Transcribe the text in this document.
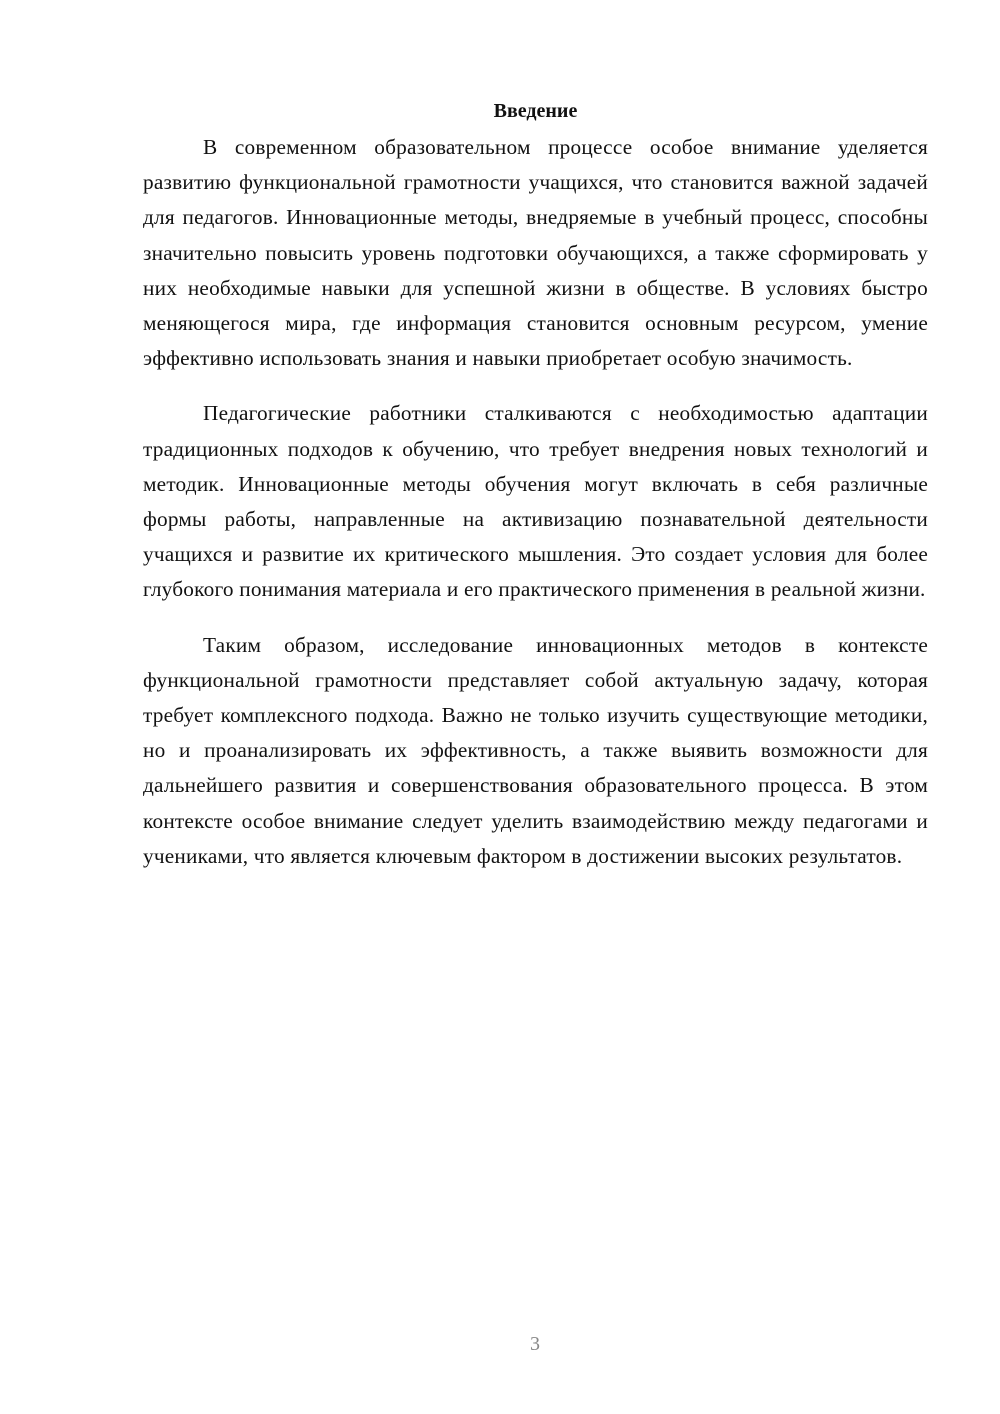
Введение

В современном образовательном процессе особое внимание уделяется развитию функциональной грамотности учащихся, что становится важной задачей для педагогов. Инновационные методы, внедряемые в учебный процесс, способны значительно повысить уровень подготовки обучающихся, а также сформировать у них необходимые навыки для успешной жизни в обществе. В условиях быстро меняющегося мира, где информация становится основным ресурсом, умение эффективно использовать знания и навыки приобретает особую значимость.

Педагогические работники сталкиваются с необходимостью адаптации традиционных подходов к обучению, что требует внедрения новых технологий и методик. Инновационные методы обучения могут включать в себя различные формы работы, направленные на активизацию познавательной деятельности учащихся и развитие их критического мышления. Это создает условия для более глубокого понимания материала и его практического применения в реальной жизни.

Таким образом, исследование инновационных методов в контексте функциональной грамотности представляет собой актуальную задачу, которая требует комплексного подхода. Важно не только изучить существующие методики, но и проанализировать их эффективность, а также выявить возможности для дальнейшего развития и совершенствования образовательного процесса. В этом контексте особое внимание следует уделить взаимодействию между педагогами и учениками, что является ключевым фактором в достижении высоких результатов.

3
